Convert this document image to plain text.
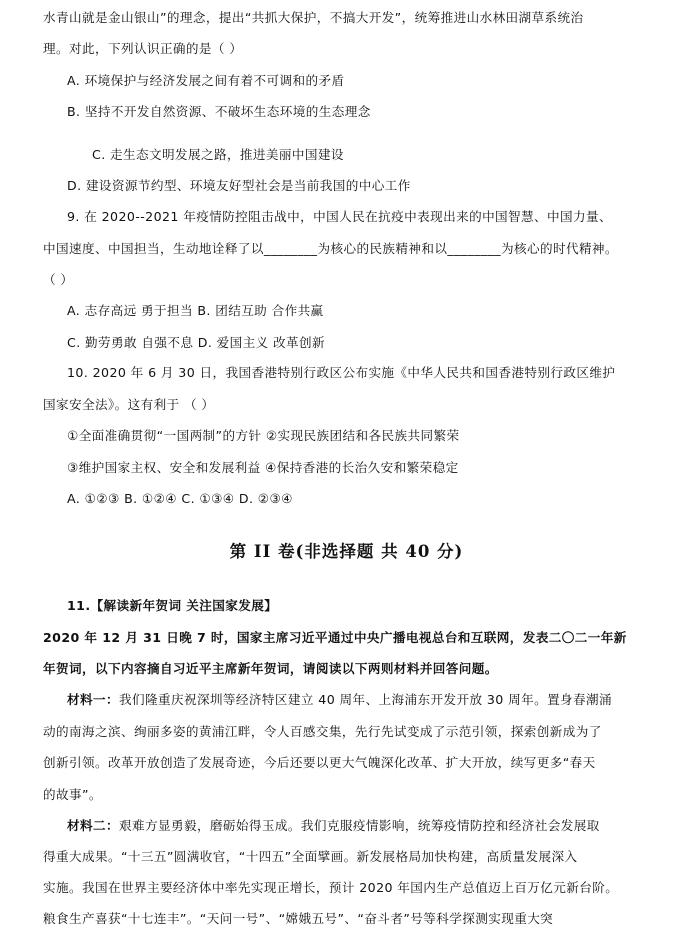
水青山就是金山银山”的理念，提出“共抓大保护，不搞大开发”，统筹推进山水林田湖草系统治
理。对此，下列认识正确的是（ ）
A. 环境保护与经济发展之间有着不可调和的矛盾
B. 坚持不开发自然资源、不破坏生态环境的生态理念
C. 走生态文明发展之路，推进美丽中国建设
D. 建设资源节约型、环境友好型社会是当前我国的中心工作
9. 在 2020--2021 年疫情防控阻击战中，中国人民在抗疫中表现出来的中国智慧、中国力量、
中国速度、中国担当，生动地诠释了以________为核心的民族精神和以________为核心的时代精神。
（ ）
A. 志存高远 勇于担当 B. 团结互助 合作共赢
C. 勤劳勇敢 自强不息 D. 爱国主义 改革创新
10. 2020 年 6 月 30 日，我国香港特别行政区公布实施《中华人民共和国香港特别行政区维护
国家安全法》。这有利于 （ ）
①全面准确贯彻“一国两制”的方针 ②实现民族团结和各民族共同繁荣
③维护国家主权、安全和发展利益 ④保持香港的长治久安和繁荣稳定
A. ①②③ B. ①②④ C. ①③④ D. ②③④
第 II 卷(非选择题 共 40 分)
11.【解读新年贺词 关注国家发展】
2020 年 12 月 31 日晚 7 时，国家主席习近平通过中央广播电视总台和互联网，发表二〇二一年新
年贺词，以下内容摘自习近平主席新年贺词，请阅读以下两则材料并回答问题。
材料一：我们隆重庆祝深圳等经济特区建立 40 周年、上海浦东开发开放 30 周年。置身春潮涌
动的南海之滨、绚丽多姿的黄浦江畔，令人百感交集，先行先试变成了示范引领，探索创新成为了
创新引领。改革开放创造了发展奇迹，今后还要以更大气魄深化改革、扩大开放，续写更多“春天
的故事”。
材料二：艰难方显勇毅，磨砺始得玉成。我们克服疫情影响，统筹疫情防控和经济社会发展取
得重大成果。“十三五”圆满收官，“十四五”全面擘画。新发展格局加快构建，高质量发展深入
实施。我国在世界主要经济体中率先实现正增长，预计 2020 年国内生产总值迈上百万亿元新台阶。
粮食生产喜获“十七连丰”。“天问一号”、“嫦娥五号”、“奋斗者”号等科学探测实现重大突
